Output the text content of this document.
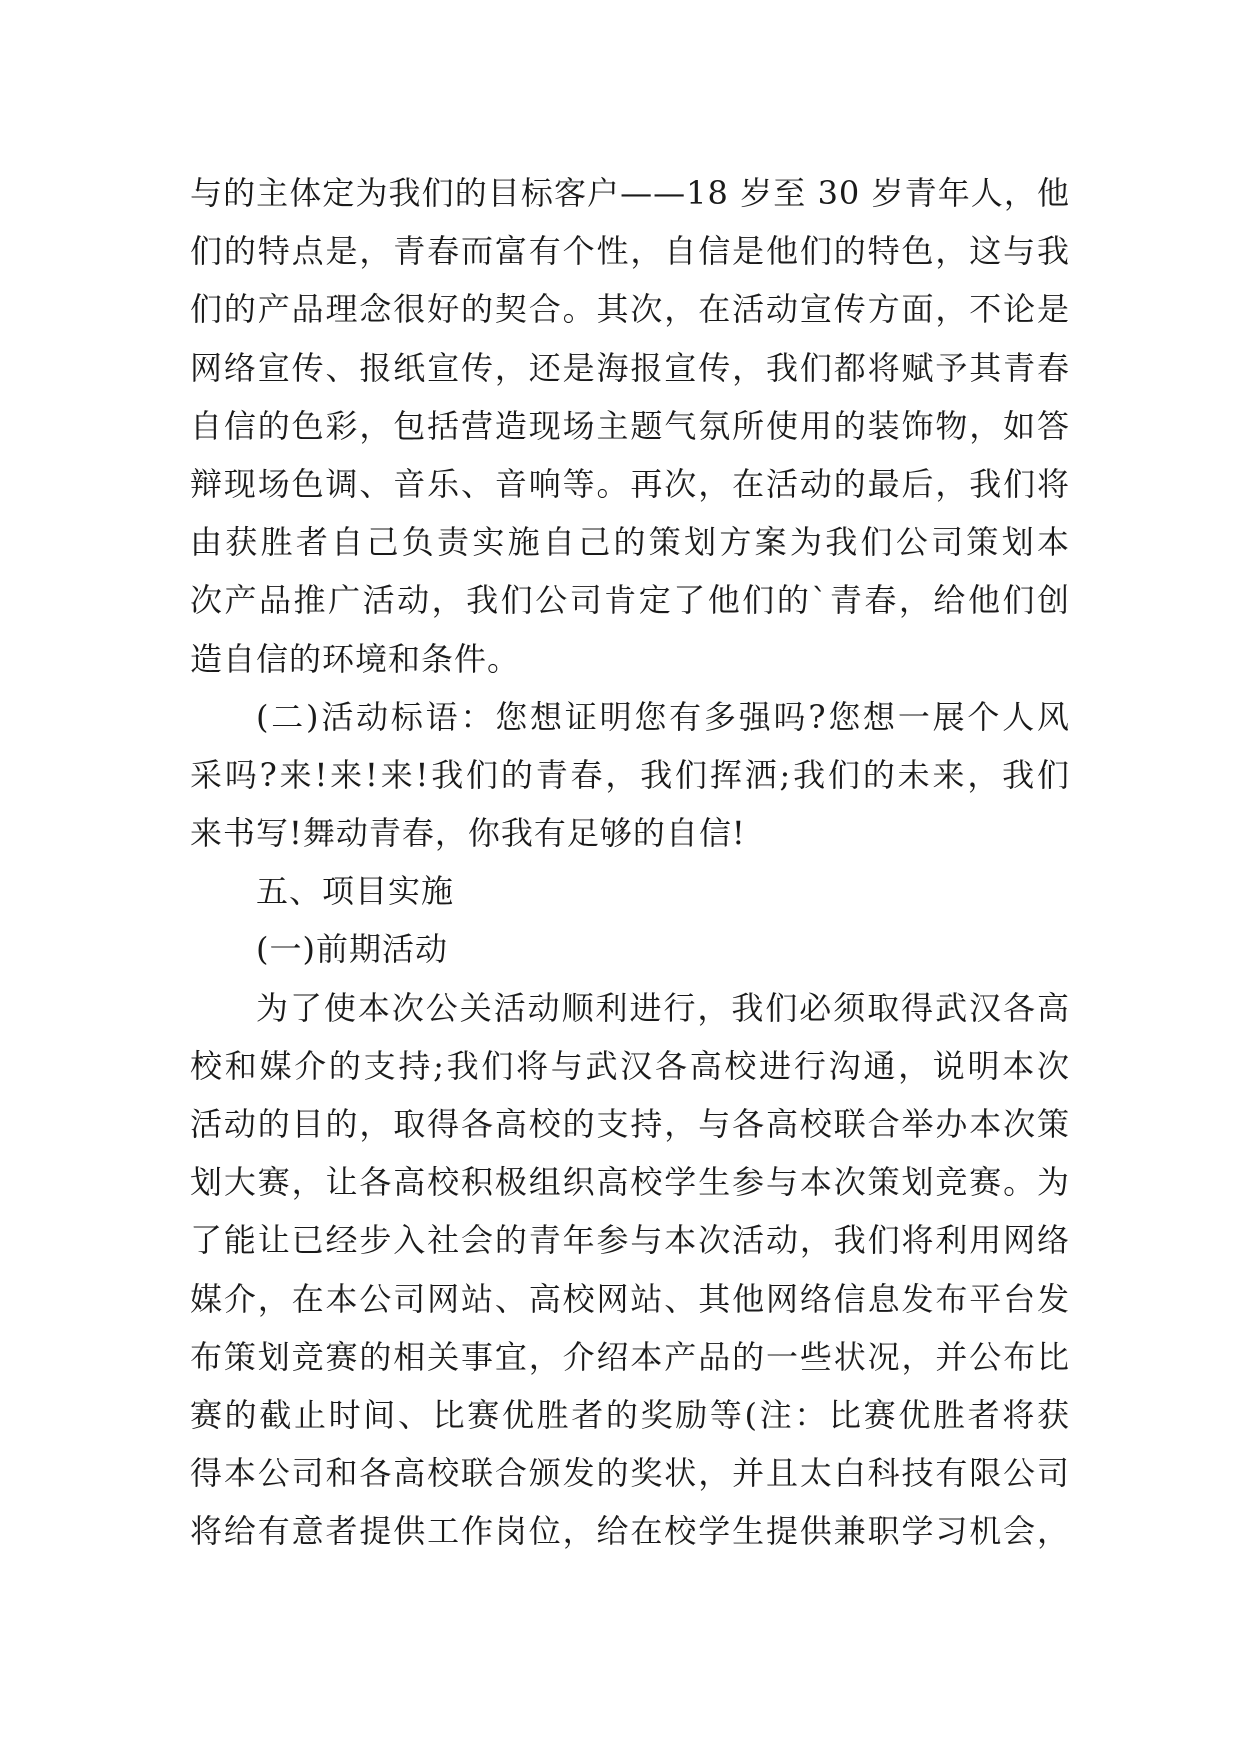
与的主体定为我们的目标客户——18 岁至 30 岁青年人，他
们的特点是，青春而富有个性，自信是他们的特色，这与我
们的产品理念很好的契合。其次，在活动宣传方面，不论是
网络宣传、报纸宣传，还是海报宣传，我们都将赋予其青春
自信的色彩，包括营造现场主题气氛所使用的装饰物，如答
辩现场色调、音乐、音响等。再次，在活动的最后，我们将
由获胜者自己负责实施自己的策划方案为我们公司策划本
次产品推广活动，我们公司肯定了他们的`青春，给他们创
造自信的环境和条件。
(二)活动标语：您想证明您有多强吗?您想一展个人风
采吗?来!来!来!我们的青春，我们挥洒;我们的未来，我们
来书写!舞动青春，你我有足够的自信!
五、项目实施
(一)前期活动
为了使本次公关活动顺利进行，我们必须取得武汉各高
校和媒介的支持;我们将与武汉各高校进行沟通，说明本次
活动的目的，取得各高校的支持，与各高校联合举办本次策
划大赛，让各高校积极组织高校学生参与本次策划竞赛。为
了能让已经步入社会的青年参与本次活动，我们将利用网络
媒介，在本公司网站、高校网站、其他网络信息发布平台发
布策划竞赛的相关事宜，介绍本产品的一些状况，并公布比
赛的截止时间、比赛优胜者的奖励等(注：比赛优胜者将获
得本公司和各高校联合颁发的奖状，并且太白科技有限公司
将给有意者提供工作岗位，给在校学生提供兼职学习机会，
